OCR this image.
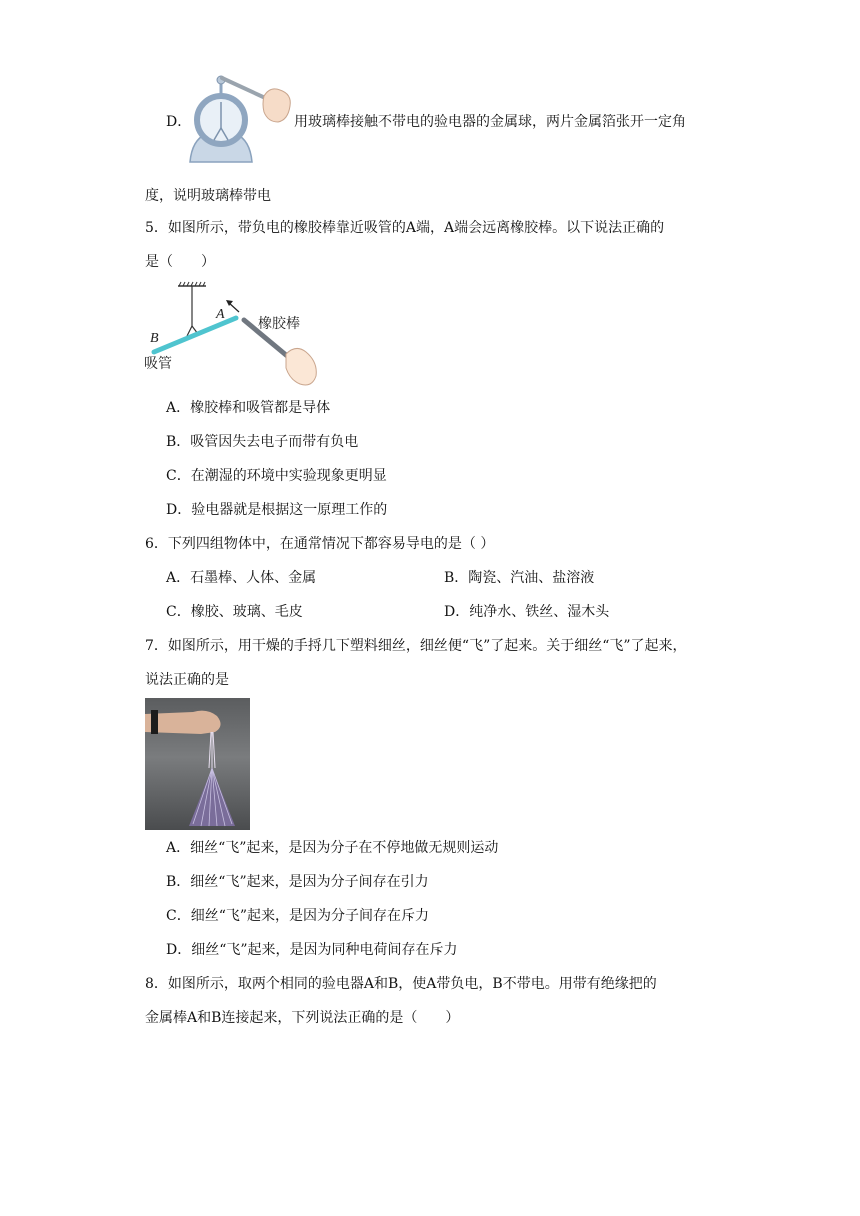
D．	用玻璃棒接触不带电的验电器的金属球，两片金属箔张开一定角
度，说明玻璃棒带电
5．如图所示，带负电的橡胶棒靠近吸管的A端，A端会远离橡胶棒。以下说法正确的
是（　　）
A
B
吸管
橡胶棒
A．橡胶棒和吸管都是导体
B．吸管因失去电子而带有负电
C．在潮湿的环境中实验现象更明显
D．验电器就是根据这一原理工作的
6．下列四组物体中，在通常情况下都容易导电的是（ ）
A．石墨棒、人体、金属	B．陶瓷、汽油、盐溶液
C．橡胶、玻璃、毛皮	D．纯净水、铁丝、湿木头
7．如图所示，用干燥的手捋几下塑料细丝，细丝便“飞”了起来。关于细丝“飞”了起来，
说法正确的是
A．细丝“飞”起来，是因为分子在不停地做无规则运动
B．细丝“飞”起来，是因为分子间存在引力
C．细丝“飞”起来，是因为分子间存在斥力
D．细丝“飞”起来，是因为同种电荷间存在斥力
8．如图所示，取两个相同的验电器A和B，使A带负电，B不带电。用带有绝缘把的
金属棒A和B连接起来，下列说法正确的是（　　）
